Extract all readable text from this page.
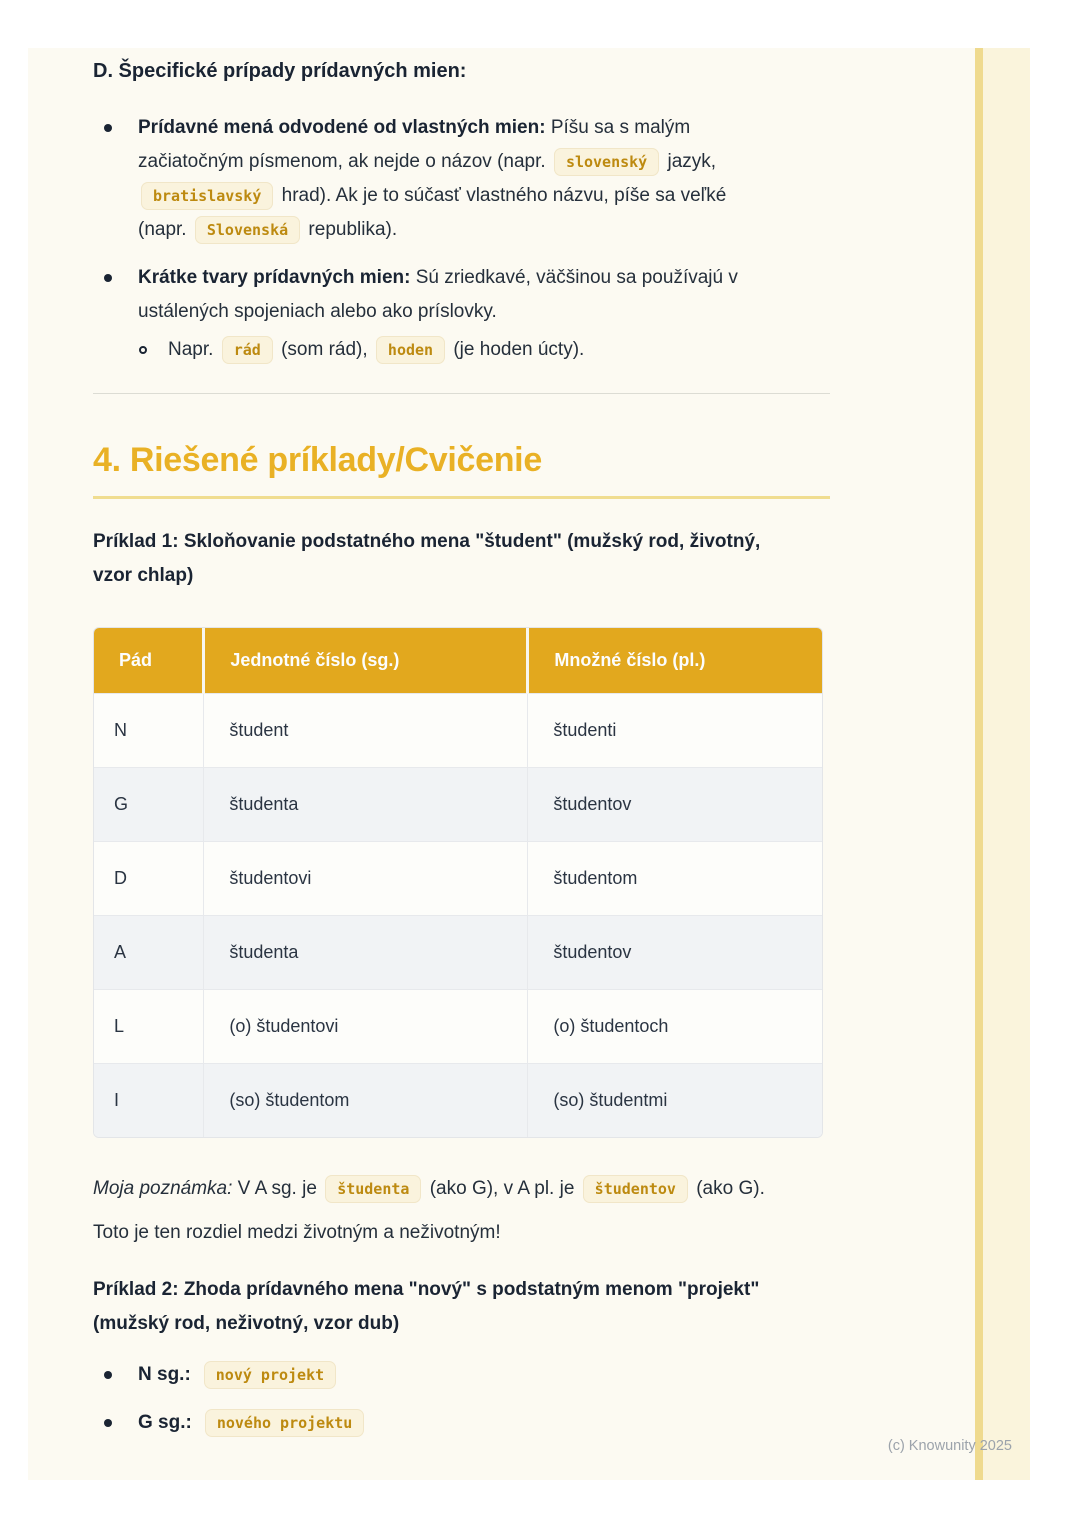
D. Špecifické prípady prídavných mien:
Prídavné mená odvodené od vlastných mien: Píšu sa s malým
začiatočným písmenom, ak nejde o názov (napr. slovenský jazyk,
bratislavský hrad). Ak je to súčasť vlastného názvu, píše sa veľké
(napr. Slovenská republika).
Krátke tvary prídavných mien: Sú zriedkavé, väčšinou sa používajú v
ustálených spojeniach alebo ako príslovky.
Napr. rád (som rád), hoden (je hoden úcty).
4. Riešené príklady/Cvičenie
Príklad 1: Skloňovanie podstatného mena "študent" (mužský rod, životný,
vzor chlap)
Pád	Jednotné číslo (sg.)	Množné číslo (pl.)
N	študent	študenti
G	študenta	študentov
D	študentovi	študentom
A	študenta	študentov
L	(o) študentovi	(o) študentoch
I	(so) študentom	(so) študentmi
Moja poznámka: V A sg. je študenta (ako G), v A pl. je študentov (ako G).
Toto je ten rozdiel medzi životným a neživotným!
Príklad 2: Zhoda prídavného mena "nový" s podstatným menom "projekt"
(mužský rod, neživotný, vzor dub)
N sg.:	nový projekt
G sg.:	nového projektu
(c) Knowunity 2025
